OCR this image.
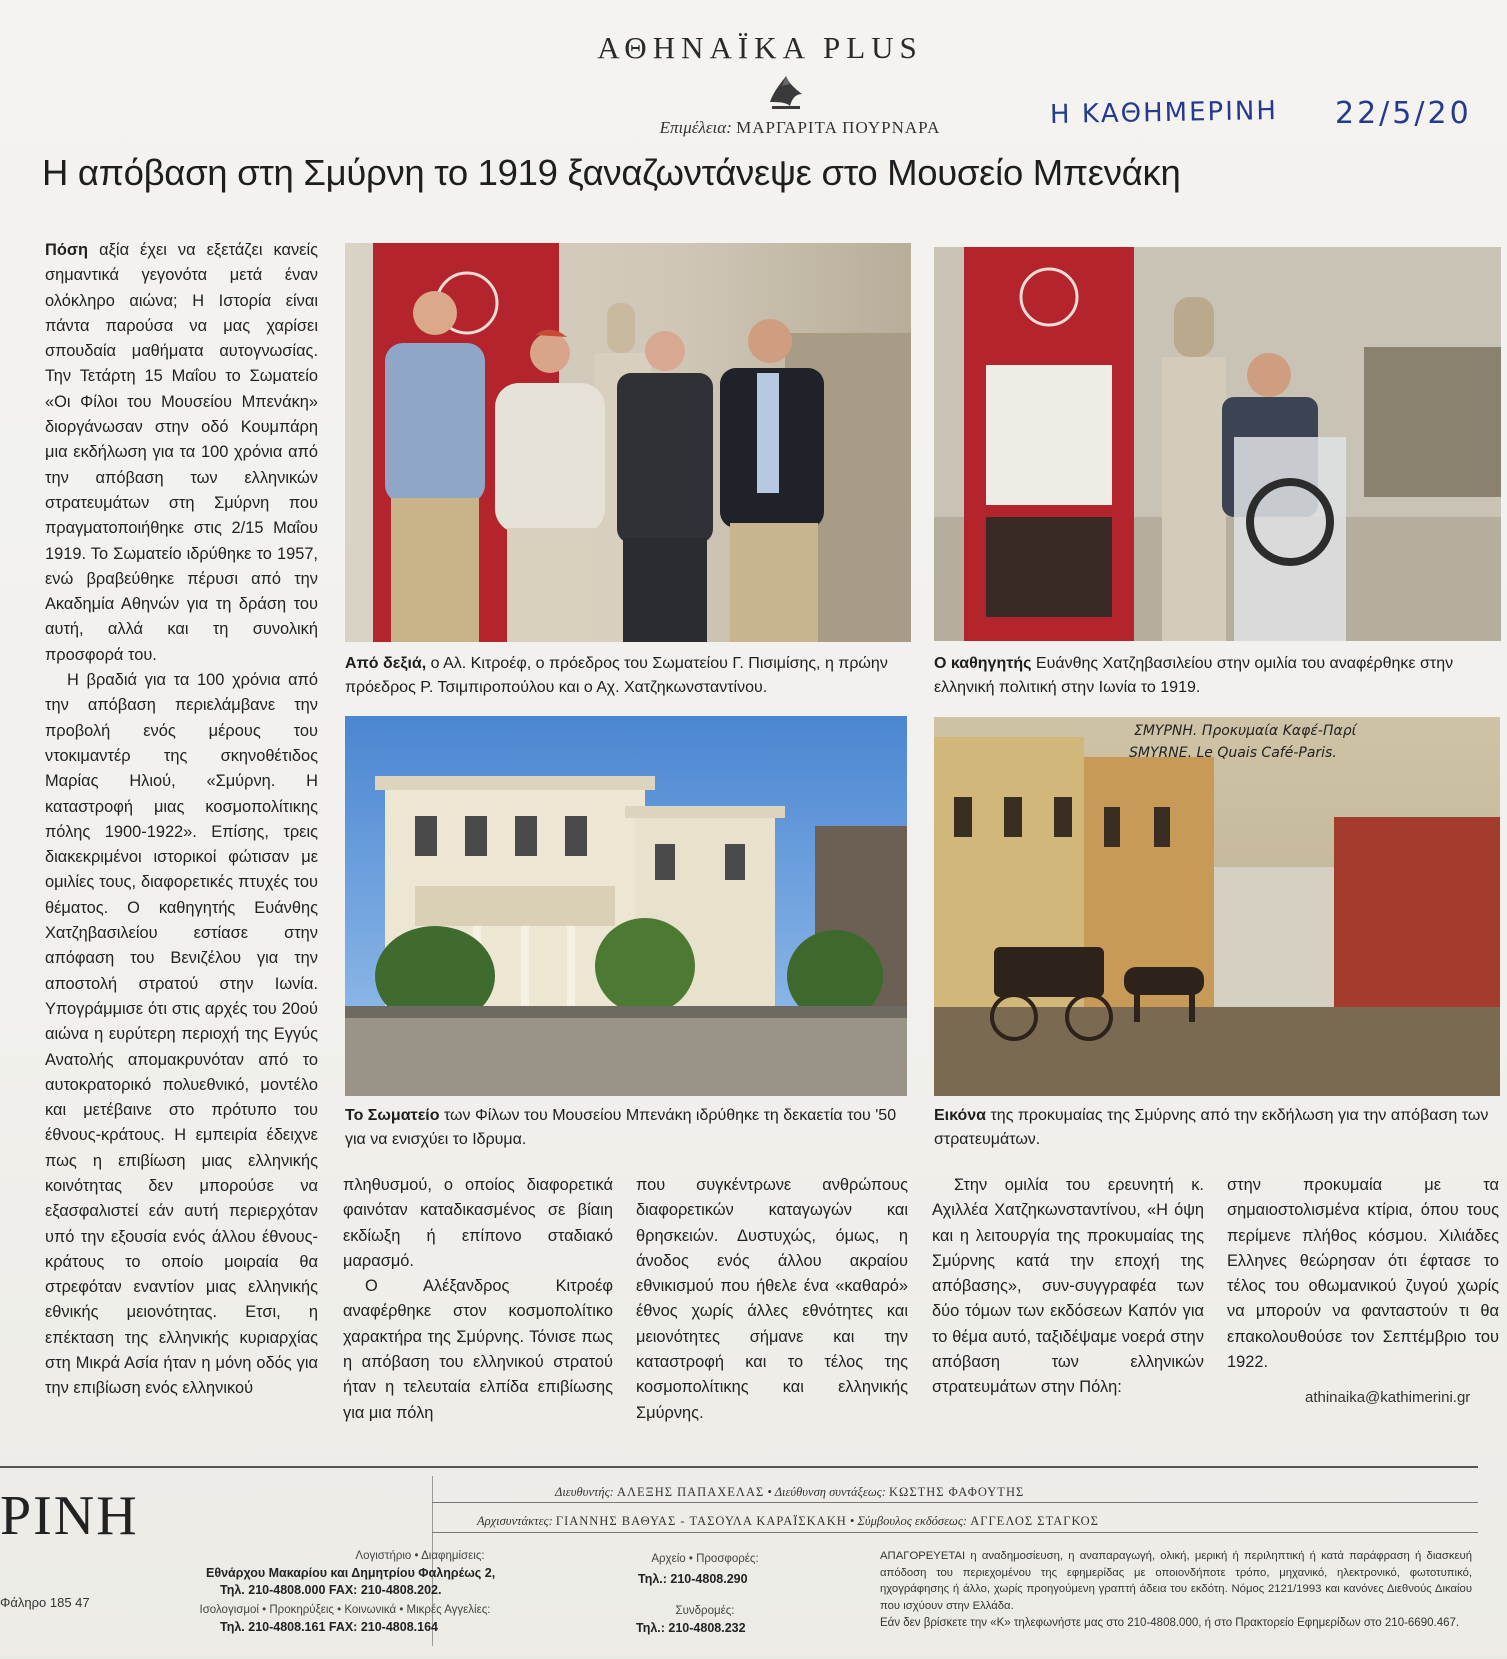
ΑΘΗΝΑΪΚΑ PLUS
Επιμέλεια: ΜΑΡΓΑΡΙΤΑ ΠΟΥΡΝΑΡΑ	Η ΚΑΘΗΜΕΡΙΝΗ 22/5/20
Η απόβαση στη Σμύρνη το 1919 ξαναζωντάνεψε στο Μουσείο Μπενάκη

Πόση αξία έχει να εξετάζει κανείς σημαντικά γεγονότα μετά έναν ολόκληρο αιώνα; Η Ιστορία είναι πάντα παρούσα να μας χαρίσει σπουδαία μαθήματα αυτογνωσίας. Την Τετάρτη 15 Μαΐου το Σωματείο «Οι Φίλοι του Μουσείου Μπενάκη» διοργάνωσαν στην οδό Κουμπάρη μια εκδήλωση για τα 100 χρόνια από την απόβαση των ελληνικών στρατευμάτων στη Σμύρνη που πραγματοποιήθηκε στις 2/15 Μαΐου 1919. Το Σωματείο ιδρύθηκε το 1957, ενώ βραβεύθηκε πέρυσι από την Ακαδημία Αθηνών για τη δράση του αυτή, αλλά και τη συνολική προσφορά του.

Η βραδιά για τα 100 χρόνια από την απόβαση περιελάμβανε την προβολή ενός μέρους του ντοκιμαντέρ της σκηνοθέτιδος Μαρίας Ηλιού, «Σμύρνη. Η καταστροφή μιας κοσμοπολίτικης πόλης 1900-1922». Επίσης, τρεις διακεκριμένοι ιστορικοί φώτισαν με ομιλίες τους, διαφορετικές πτυχές του θέματος. Ο καθηγητής Ευάνθης Χατζηβασιλείου εστίασε στην απόφαση του Βενιζέλου για την αποστολή στρατού στην Ιωνία. Υπογράμμισε ότι στις αρχές του 20ού αιώνα η ευρύτερη περιοχή της Εγγύς Ανατολής απομακρυνόταν από το αυτοκρατορικό πολυεθνικό, μοντέλο και μετέβαινε στο πρότυπο του έθνους-κράτους. Η εμπειρία έδειχνε πως η επιβίωση μιας ελληνικής κοινότητας δεν μπορούσε να εξασφαλιστεί εάν αυτή περιερχόταν υπό την εξουσία ενός άλλου έθνους-κράτους το οποίο μοιραία θα στρεφόταν εναντίον μιας ελληνικής εθνικής μειονότητας. Ετσι, η επέκταση της ελληνικής κυριαρχίας στη Μικρά Ασία ήταν η μόνη οδός για την επιβίωση ενός ελληνικού

Από δεξιά, ο Αλ. Κιτροέφ, ο πρόεδρος του Σωματείου Γ. Πισιμίσης, η πρώην πρόεδρος Ρ. Τσιμπιροπούλου και ο Αχ. Χατζηκωνσταντίνου.
Ο καθηγητής Ευάνθης Χατζηβασιλείου στην ομιλία του αναφέρθηκε στην ελληνική πολιτική στην Ιωνία το 1919.
ΣΜΥΡΝΗ. Προκυμαία Καφέ-Παρί
SMYRNE. Le Quais Café-Paris.
Το Σωματείο των Φίλων του Μουσείου Μπενάκη ιδρύθηκε τη δεκαετία του '50 για να ενισχύει το Ιδρυμα.
Εικόνα της προκυμαίας της Σμύρνης από την εκδήλωση για την απόβαση των στρατευμάτων.

πληθυσμού, ο οποίος διαφορετικά φαινόταν καταδικασμένος σε βίαιη εκδίωξη ή επίπονο σταδιακό μαρασμό.

Ο Αλέξανδρος Κιτροέφ αναφέρθηκε στον κοσμοπολίτικο χαρακτήρα της Σμύρνης. Τόνισε πως η απόβαση του ελληνικού στρατού ήταν η τελευταία ελπίδα επιβίωσης για μια πόλη

που συγκέντρωνε ανθρώπους διαφορετικών καταγωγών και θρησκειών. Δυστυχώς, όμως, η άνοδος ενός άλλου ακραίου εθνικισμού που ήθελε ένα «καθαρό» έθνος χωρίς άλλες εθνότητες και μειονότητες σήμανε και την καταστροφή και το τέλος της κοσμοπολίτικης και ελληνικής Σμύρνης.

Στην ομιλία του ερευνητή κ. Αχιλλέα Χατζηκωνσταντίνου, «Η όψη και η λειτουργία της προκυμαίας της Σμύρνης κατά την εποχή της απόβασης», συν-συγγραφέα των δύο τόμων των εκδόσεων Καπόν για το θέμα αυτό, ταξιδέψαμε νοερά στην απόβαση των ελληνικών στρατευμάτων στην Πόλη:

στην προκυμαία με τα σημαιοστολισμένα κτίρια, όπου τους περίμενε πλήθος κόσμου. Χιλιάδες Ελληνες θεώρησαν ότι έφτασε το τέλος του οθωμανικού ζυγού χωρίς να μπορούν να φανταστούν τι θα επακολουθούσε τον Σεπτέμβριο του 1922.

athinaika@kathimerini.gr
ΡΙΝΗ
Φάληρο 185 47
Διευθυντής: ΑΛΕΞΗΣ ΠΑΠΑΧΕΛΑΣ • Διεύθυνση συντάξεως: ΚΩΣΤΗΣ ΦΑΦΟΥΤΗΣ
Αρχισυντάκτες: ΓΙΑΝΝΗΣ ΒΑΘΥΑΣ - ΤΑΣΟΥΛΑ ΚΑΡΑΪΣΚΑΚΗ • Σύμβουλος εκδόσεως: ΑΓΓΕΛΟΣ ΣΤΑΓΚΟΣ
Λογιστήριο • Διαφημίσεις:
Εθνάρχου Μακαρίου και Δημητρίου Φαληρέως 2,
Τηλ. 210-4808.000 FAX: 210-4808.202.
Ισολογισμοί • Προκηρύξεις • Κοινωνικά • Μικρές Αγγελίες:
Τηλ. 210-4808.161 FAX: 210-4808.164
Αρχείο • Προσφορές:
Τηλ.: 210-4808.290
Συνδρομές:
Τηλ.: 210-4808.232
ΑΠΑΓΟΡΕΥΕΤΑΙ η αναδημοσίευση, η αναπαραγωγή, ολική, μερική ή περιληπτική ή κατά παράφραση ή διασκευή απόδοση του περιεχομένου της εφημερίδας με οποιονδήποτε τρόπο, μηχανικό, ηλεκτρονικό, φωτοτυπικό, ηχογράφησης ή άλλο, χωρίς προηγούμενη γραπτή άδεια του εκδότη. Νόμος 2121/1993 και κανόνες Διεθνούς Δικαίου που ισχύουν στην Ελλάδα.
Εάν δεν βρίσκετε την «Κ» τηλεφωνήστε μας στο 210-4808.000, ή στο Πρακτορείο Εφημερίδων στο 210-6690.467.
